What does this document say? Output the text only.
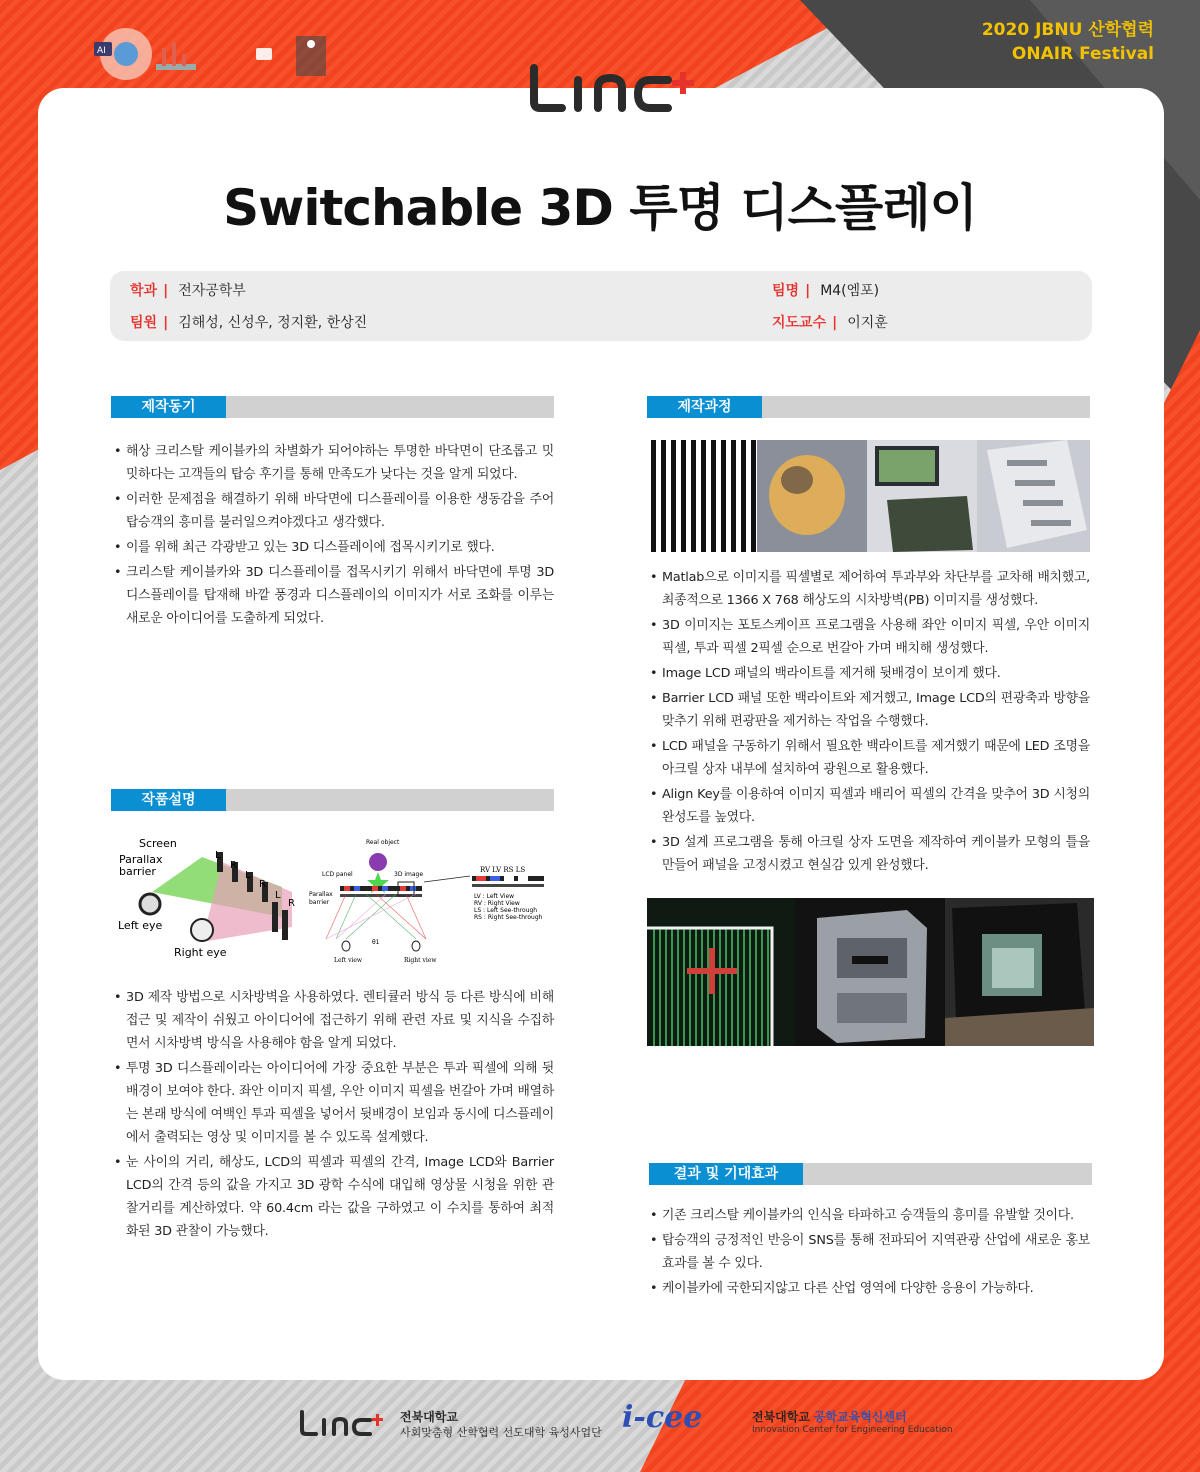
AI
2020 JBNU 산학협력
ONAIR Festival
Switchable 3D 투명 디스플레이
학과 | 전자공학부
팀원 | 김해성, 신성우, 정지환, 한상진
팀명 | M4(엠포)
지도교수 | 이지훈
제작동기
• 해상 크리스탈 케이블카의 차별화가 되어야하는 투명한 바닥면이 단조롭고 밋밋하다는 고객들의 탑승 후기를 통해 만족도가 낮다는 것을 알게 되었다.
• 이러한 문제점을 해결하기 위해 바닥면에 디스플레이를 이용한 생동감을 주어 탑승객의 흥미를 불러일으켜야겠다고 생각했다.
• 이를 위해 최근 각광받고 있는 3D 디스플레이에 접목시키기로 했다.
• 크리스탈 케이블카와 3D 디스플레이를 접목시키기 위해서 바닥면에 투명 3D디스플레이를 탑재해 바깥 풍경과 디스플레이의 이미지가 서로 조화를 이루는 새로운 아이디어를 도출하게 되었다.
작품설명
Screen
Parallax
barrier
Left eye
Right eye
L
R
L
R
L
R
Real object
LCD panel	3D image
Parallax
barrier
θ1
Left view	Right view
RV LV RS LS
LV : Left View
RV : Right View
LS : Left See-through
RS : Right See-through
• 3D 제작 방법으로 시차방벽을 사용하였다. 렌티큘러 방식 등 다른 방식에 비해 접근 및 제작이 쉬웠고 아이디어에 접근하기 위해 관련 자료 및 지식을 수집하면서 시차방벽 방식을 사용해야 함을 알게 되었다.
• 투명 3D 디스플레이라는 아이디어에 가장 중요한 부분은 투과 픽셀에 의해 뒷배경이 보여야 한다. 좌안 이미지 픽셀, 우안 이미지 픽셀을 번갈아 가며 배열하는 본래 방식에 여백인 투과 픽셀을 넣어서 뒷배경이 보임과 동시에 디스플레이에서 출력되는 영상 및 이미지를 볼 수 있도록 설계했다.
• 눈 사이의 거리, 해상도, LCD의 픽셀과 픽셀의 간격, Image LCD와 Barrier LCD의 간격 등의 값을 가지고 3D 광학 수식에 대입해 영상물 시청을 위한 관찰거리를 계산하였다. 약 60.4cm 라는 값을 구하였고 이 수치를 통하여 최적화된 3D 관찰이 가능했다.
제작과정
• Matlab으로 이미지를 픽셀별로 제어하여 투과부와 차단부를 교차해 배치했고, 최종적으로 1366 X 768 해상도의 시차방벽(PB) 이미지를 생성했다.
• 3D 이미지는 포토스케이프 프로그램을 사용해 좌안 이미지 픽셀, 우안 이미지 픽셀, 투과 픽셀 2픽셀 순으로 번갈아 가며 배치해 생성했다.
• Image LCD 패널의 백라이트를 제거해 뒷배경이 보이게 했다.
• Barrier LCD 패널 또한 백라이트와 제거했고, Image LCD의 편광축과 방향을 맞추기 위해 편광판을 제거하는 작업을 수행했다.
• LCD 패널을 구동하기 위해서 필요한 백라이트를 제거했기 때문에 LED 조명을 아크릴 상자 내부에 설치하여 광원으로 활용했다.
• Align Key를 이용하여 이미지 픽셀과 배리어 픽셀의 간격을 맞추어 3D 시청의 완성도를 높였다.
• 3D 설계 프로그램을 통해 아크릴 상자 도면을 제작하여 케이블카 모형의 틀을 만들어 패널을 고정시켰고 현실감 있게 완성했다.
결과 및 기대효과
• 기존 크리스탈 케이블카의 인식을 타파하고 승객들의 흥미를 유발할 것이다.
• 탑승객의 긍정적인 반응이 SNS를 통해 전파되어 지역관광 산업에 새로운 홍보 효과를 볼 수 있다.
• 케이블카에 국한되지않고 다른 산업 영역에 다양한 응용이 가능하다.
전북대학교
사회맞춤형 산학협력 선도대학 육성사업단 i-cee	전북대학교 공학교육혁신센터
Innovation Center for Engineering Education
